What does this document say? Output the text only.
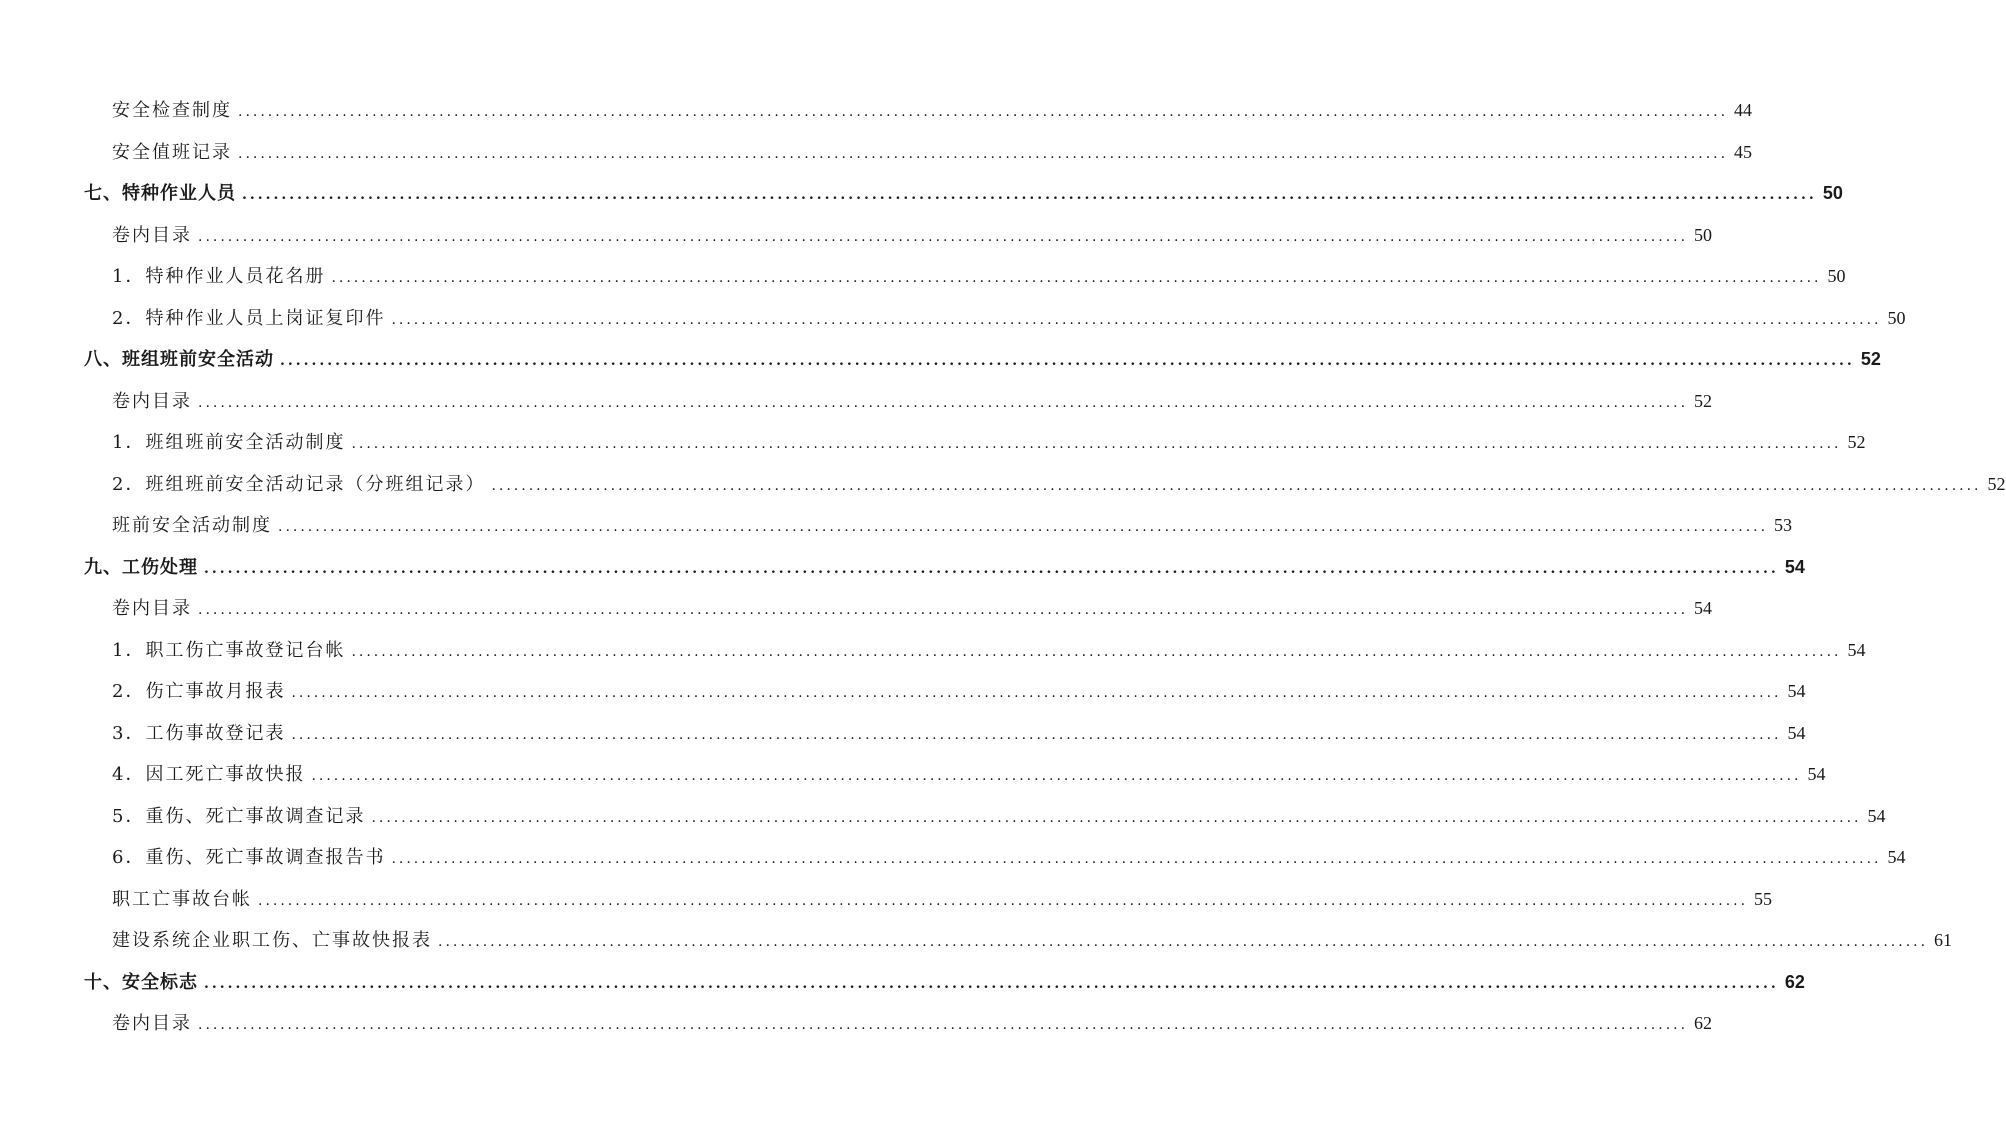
安全检查制度 ........................................................................................................................................................................................................ 44
安全值班记录 ........................................................................................................................................................................................................ 45
七、特种作业人员 ........................................................................................................................................................................................................ 50
卷内目录 ........................................................................................................................................................................................................ 50
1．特种作业人员花名册 ........................................................................................................................................................................................................ 50
2．特种作业人员上岗证复印件 ........................................................................................................................................................................................................ 50
八、班组班前安全活动 ........................................................................................................................................................................................................ 52
卷内目录 ........................................................................................................................................................................................................ 52
1．班组班前安全活动制度 ........................................................................................................................................................................................................ 52
2．班组班前安全活动记录（分班组记录） ........................................................................................................................................................................................................ 52
班前安全活动制度 ........................................................................................................................................................................................................ 53
九、工伤处理 ........................................................................................................................................................................................................ 54
卷内目录 ........................................................................................................................................................................................................ 54
1．职工伤亡事故登记台帐 ........................................................................................................................................................................................................ 54
2．伤亡事故月报表 ........................................................................................................................................................................................................ 54
3．工伤事故登记表 ........................................................................................................................................................................................................ 54
4．因工死亡事故快报 ........................................................................................................................................................................................................ 54
5．重伤、死亡事故调查记录 ........................................................................................................................................................................................................ 54
6．重伤、死亡事故调查报告书 ........................................................................................................................................................................................................ 54
职工亡事故台帐 ........................................................................................................................................................................................................ 55
建设系统企业职工伤、亡事故快报表 ........................................................................................................................................................................................................ 61
十、安全标志 ........................................................................................................................................................................................................ 62
卷内目录 ........................................................................................................................................................................................................ 62
